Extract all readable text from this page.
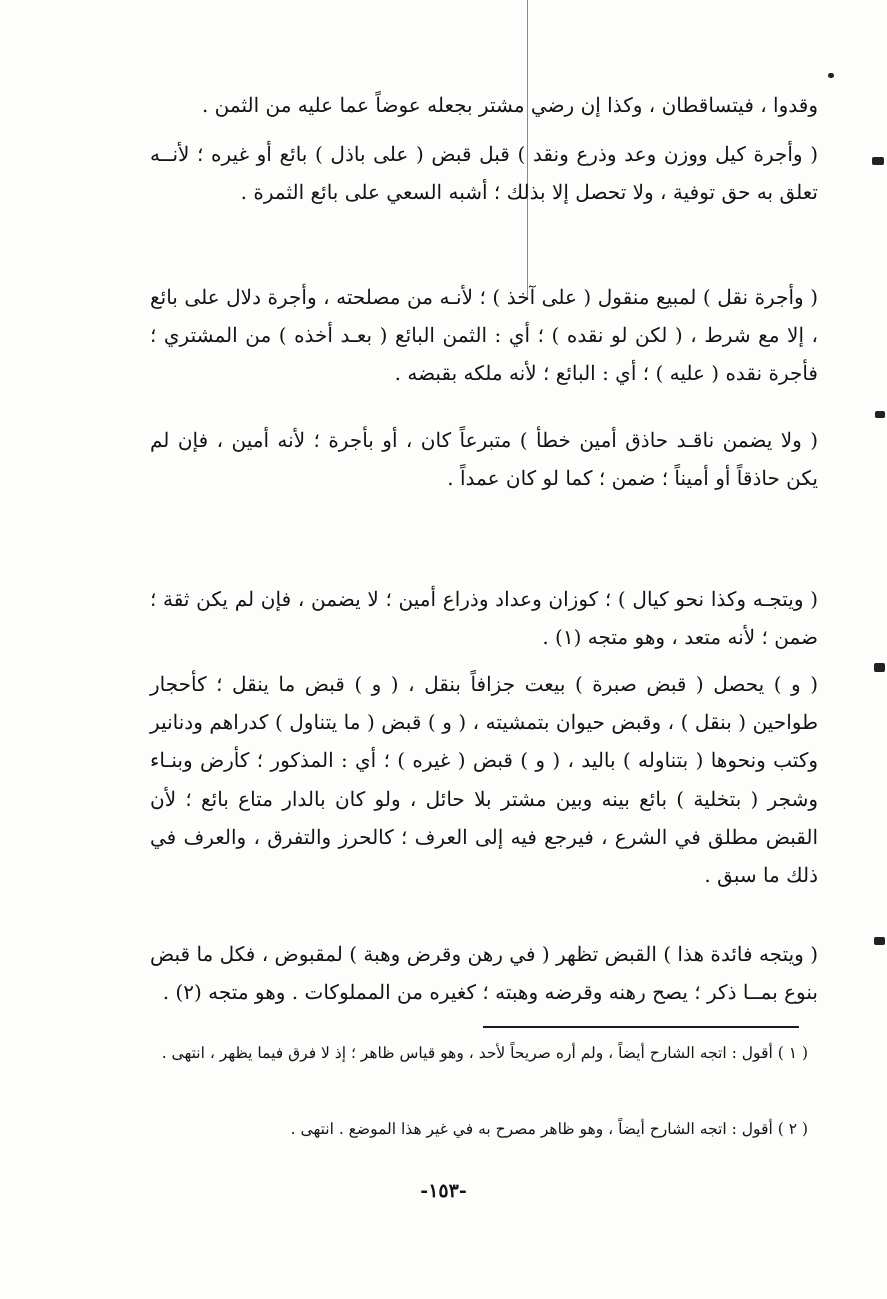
وقدوا ، فيتساقطان ، وكذا إن رضي مشتر بجعله عوضاً عما عليه من الثمن .

( وأجرة كيل ووزن وعد وذرع ونقد ) قبل قبض ( على باذل ) بائع أو غيره ؛ لأنــه تعلق به حق توفية ، ولا تحصل إلا بذلك ؛ أشبه السعي على بائع الثمرة .

( وأجرة نقل ) لمبيع منقول ( على آخذ ) ؛ لأنـه من مصلحته ، وأجرة دلال على بائع ، إلا مع شرط ، ( لكن لو نقده ) ؛ أي : الثمن البائع ( بعـد أخذه ) من المشتري ؛ فأجرة نقده ( عليه ) ؛ أي : البائع ؛ لأنه ملكه بقبضه .

( ولا يضمن ناقـد حاذق أمين خطأ ) متبرعاً كان ، أو بأجرة ؛ لأنه أمين ، فإن لم يكن حاذقاً أو أميناً ؛ ضمن ؛ كما لو كان عمداً .

( ويتجـه وكذا نحو كيال ) ؛ كوزان وعداد وذراع أمين ؛ لا يضمن ، فإن لم يكن ثقة ؛ ضمن ؛ لأنه متعد ، وهو متجه (١) .

( و ) يحصل ( قبض صبرة ) بيعت جزافاً بنقل ، ( و ) قبض ما ينقل ؛ كأحجار طواحين ( بنقل ) ، وقبض حيوان بتمشيته ، ( و ) قبض ( ما يتناول ) كدراهم ودنانير وكتب ونحوها ( بتناوله ) باليد ، ( و ) قبض ( غيره ) ؛ أي : المذكور ؛ كأرض وبنـاء وشجر ( بتخلية ) بائع بينه وبين مشتر بلا حائل ، ولو كان بالدار متاع بائع ؛ لأن القبض مطلق في الشرع ، فيرجع فيه إلى العرف ؛ كالحرز والتفرق ، والعرف في ذلك ما سبق .

( ويتجه فائدة هذا ) القبض تظهر ( في رهن وقرض وهبة ) لمقبوض ، فكل ما قبض بنوع بمــا ذكر ؛ يصح رهنه وقرضه وهبته ؛ كغيره من المملوكات . وهو متجه (٢) .

( ١ ) أقول : اتجه الشارح أيضاً ، ولم أره صريحاً لأحد ، وهو قياس ظاهر ؛ إذ لا فرق فيما يظهر ، انتهى .

( ٢ ) أقول : اتجه الشارح أيضاً ، وهو ظاهر مصرح به في غير هذا الموضع . انتهى .

-١٥٣-
